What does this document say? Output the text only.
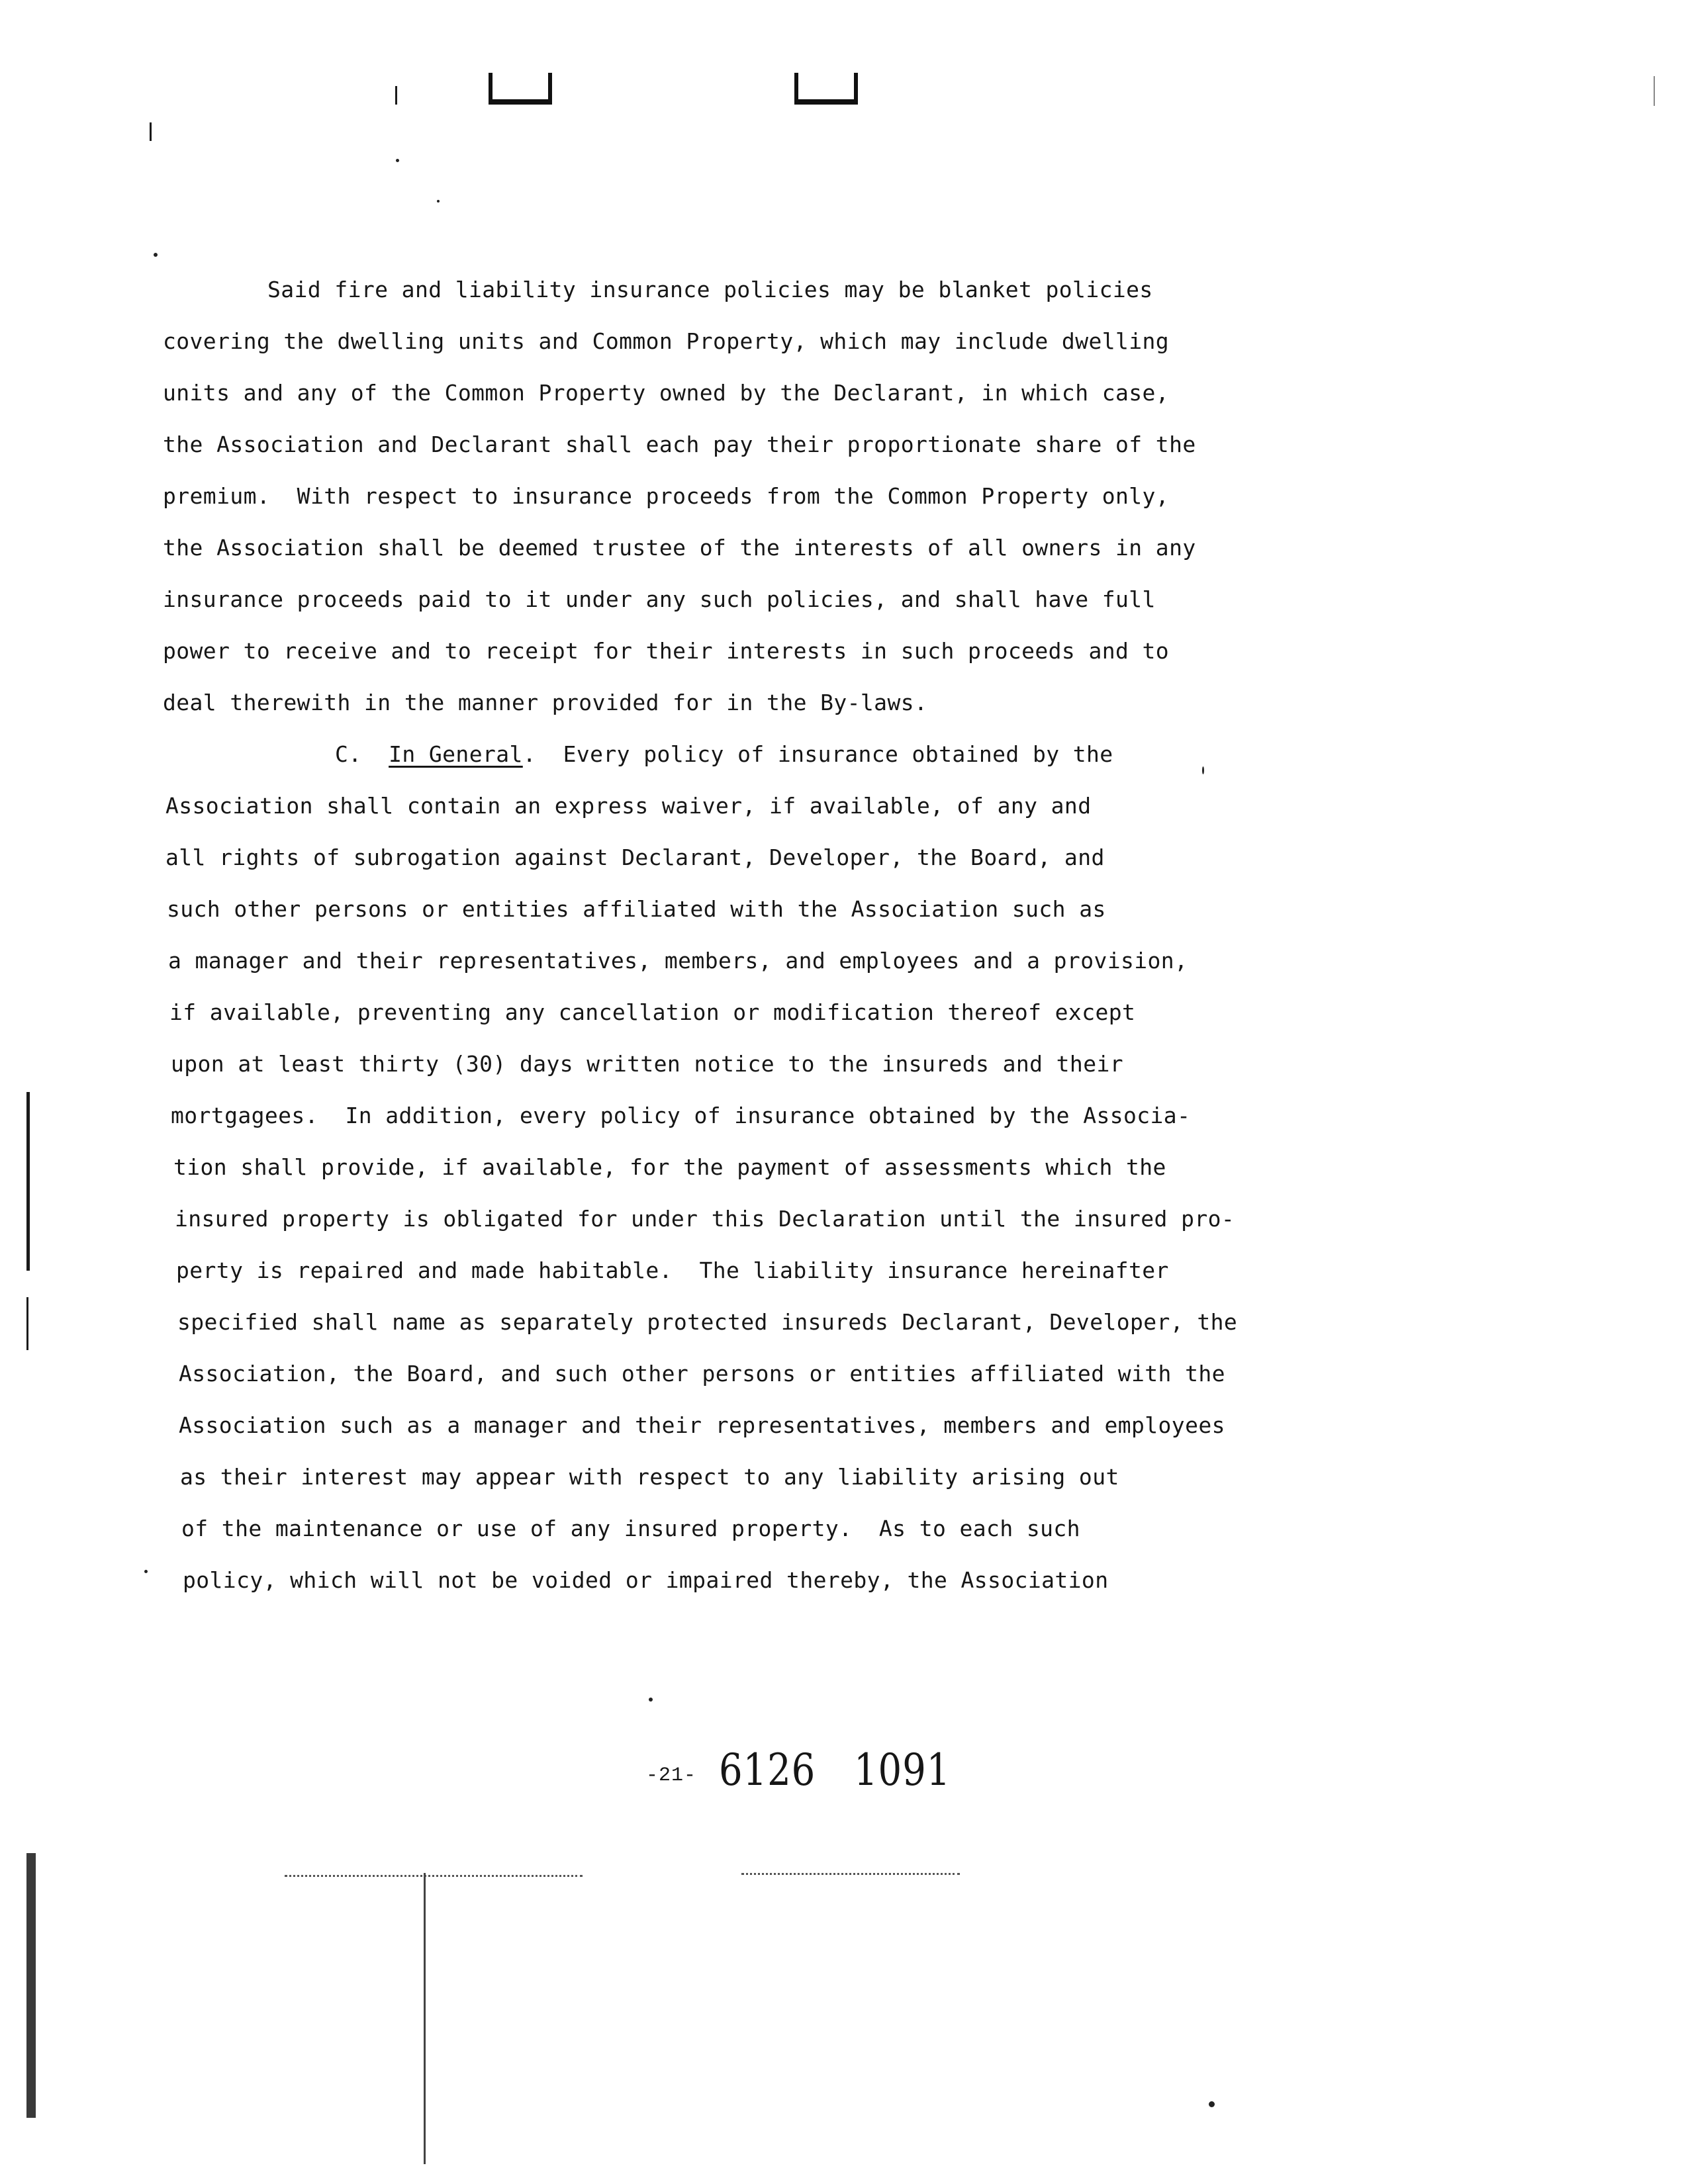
Said fire and liability insurance policies may be blanket policies
covering the dwelling units and Common Property, which may include dwelling
units and any of the Common Property owned by the Declarant, in which case,
the Association and Declarant shall each pay their proportionate share of the
premium.  With respect to insurance proceeds from the Common Property only,
the Association shall be deemed trustee of the interests of all owners in any
insurance proceeds paid to it under any such policies, and shall have full
power to receive and to receipt for their interests in such proceeds and to
deal therewith in the manner provided for in the By-laws.
C. In General.  Every policy of insurance obtained by the
Association shall contain an express waiver, if available, of any and
all rights of subrogation against Declarant, Developer, the Board, and
such other persons or entities affiliated with the Association such as
a manager and their representatives, members, and employees and a provision,
if available, preventing any cancellation or modification thereof except
upon at least thirty (30) days written notice to the insureds and their
mortgagees.  In addition, every policy of insurance obtained by the Associa-
tion shall provide, if available, for the payment of assessments which the
insured property is obligated for under this Declaration until the insured pro-
perty is repaired and made habitable.  The liability insurance hereinafter
specified shall name as separately protected insureds Declarant, Developer, the
Association, the Board, and such other persons or entities affiliated with the
Association such as a manager and their representatives, members and employees
as their interest may appear with respect to any liability arising out
of the maintenance or use of any insured property.  As to each such
policy, which will not be voided or impaired thereby, the Association
-21- 6126 1091
